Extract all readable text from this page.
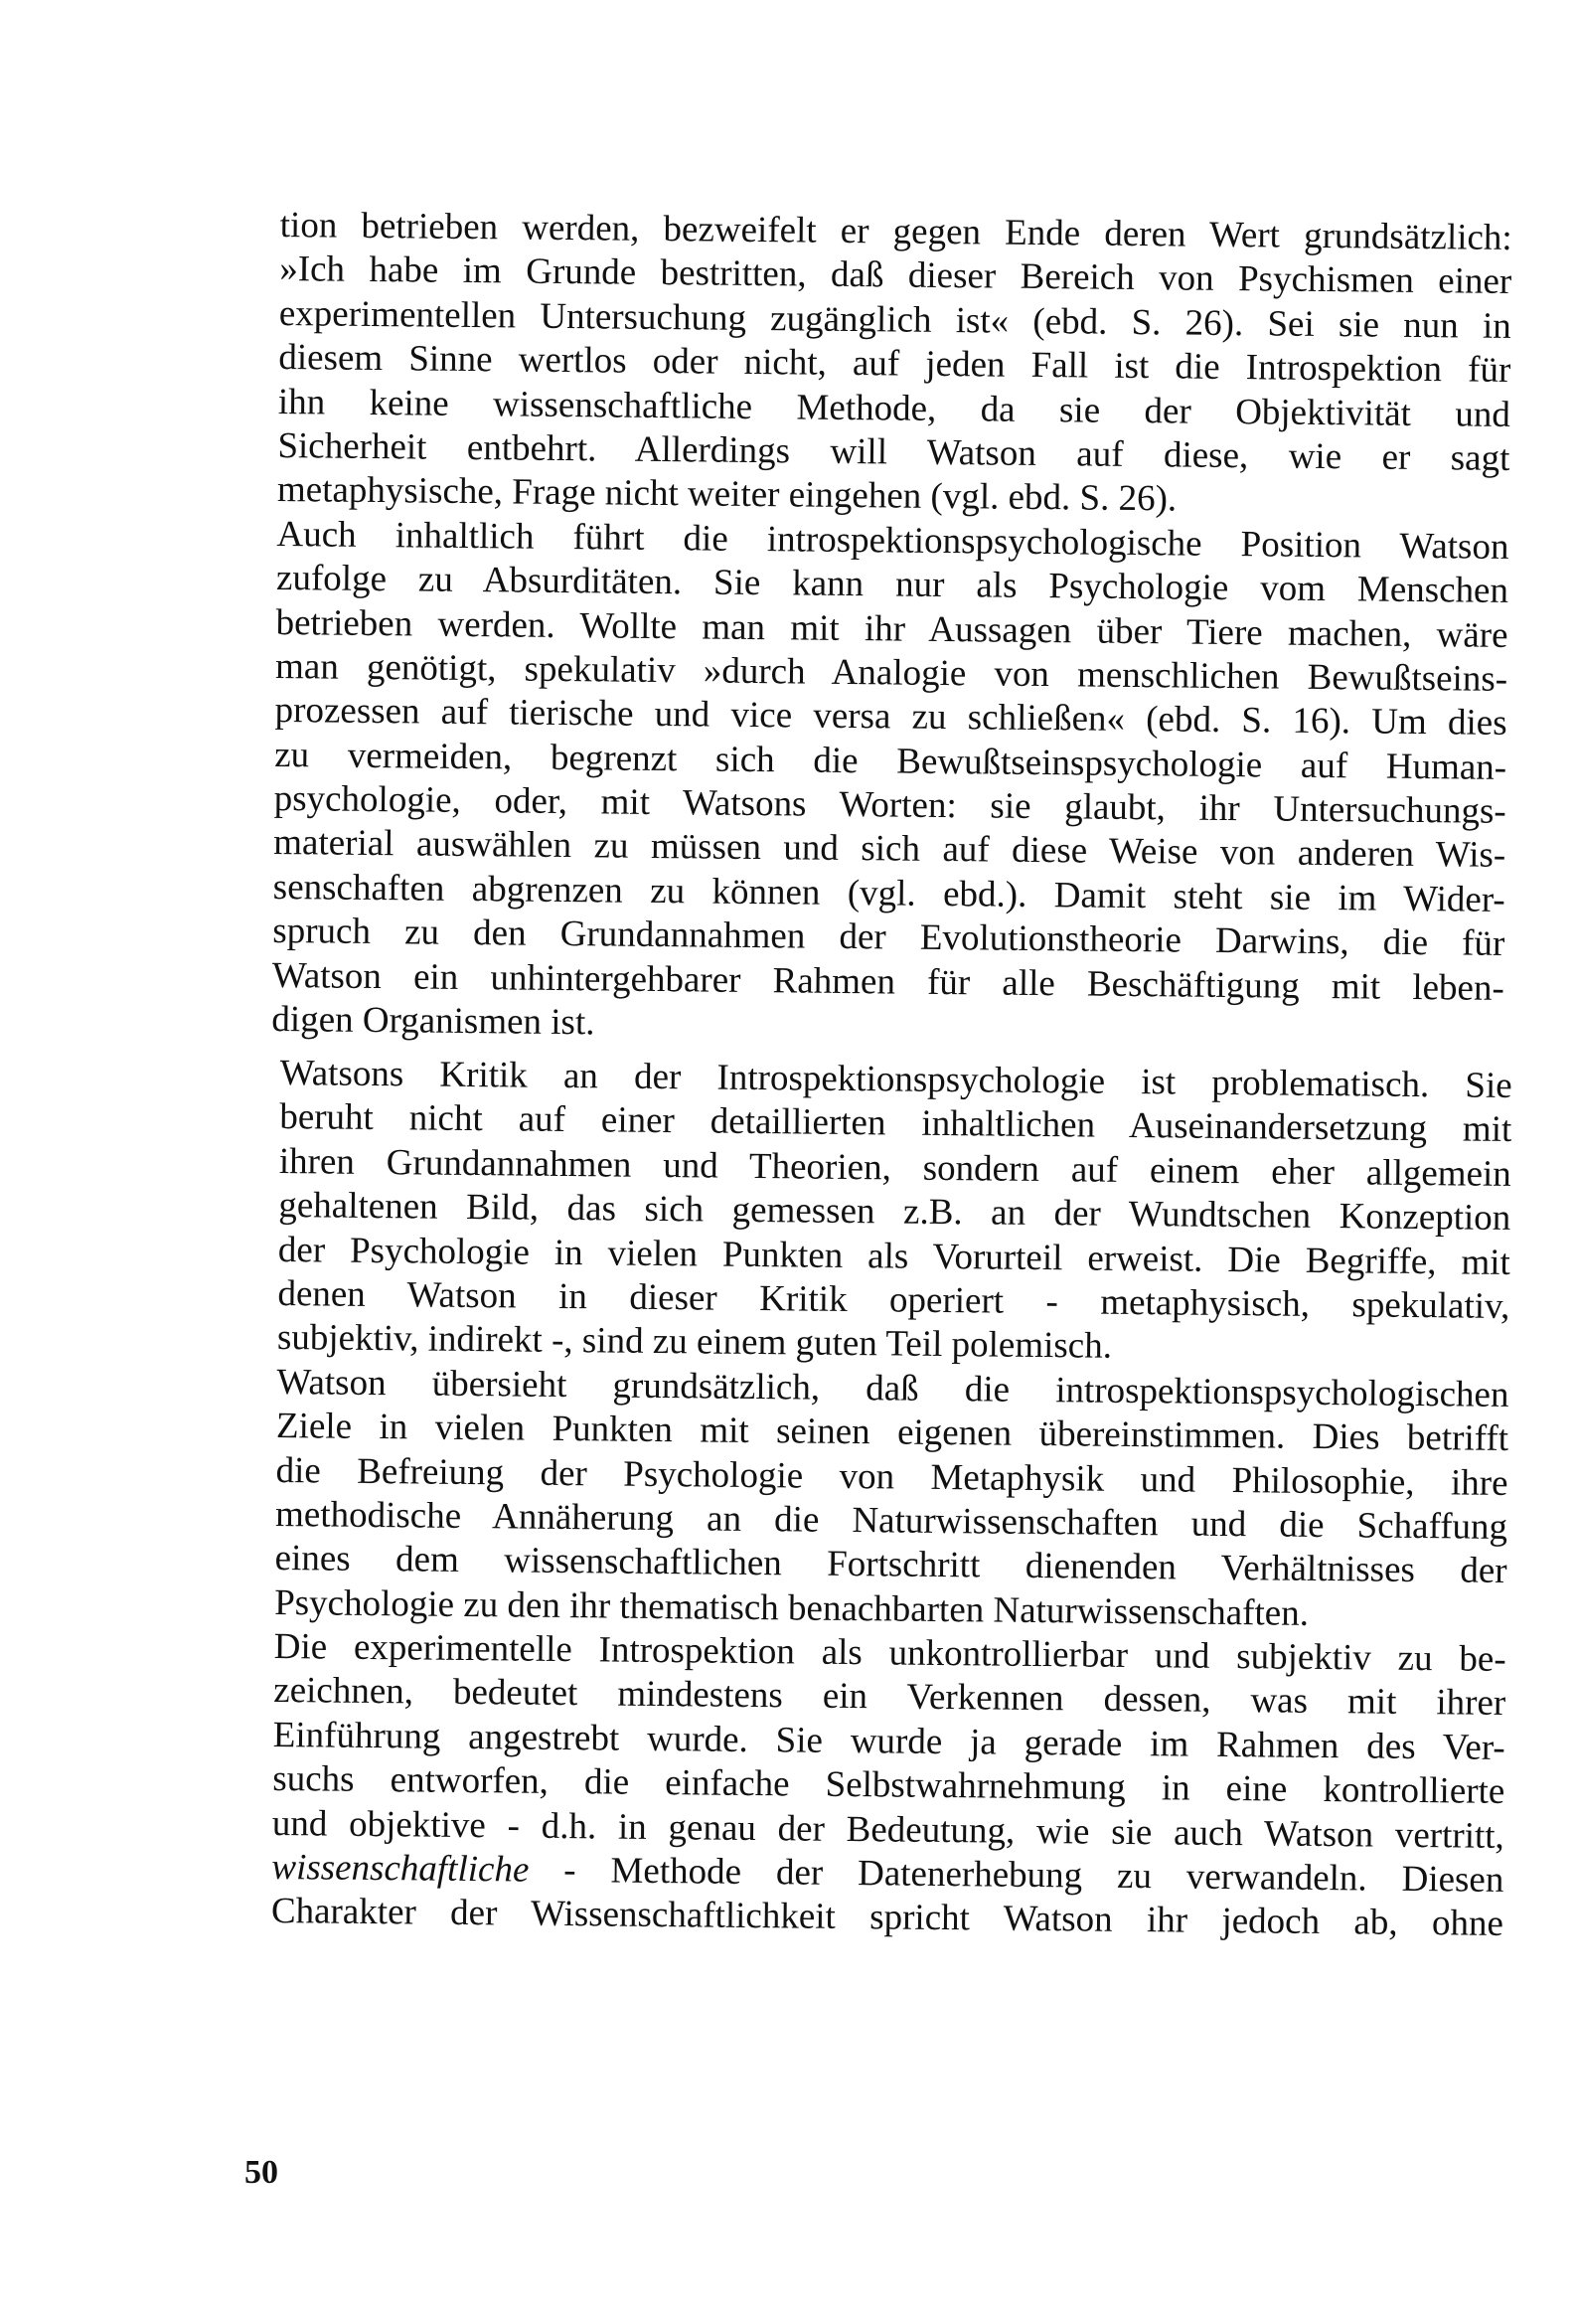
tion betrieben werden, bezweifelt er gegen Ende deren Wert grundsätzlich:
»Ich habe im Grunde bestritten, daß dieser Bereich von Psychismen einer
experimentellen Untersuchung zugänglich ist« (ebd. S. 26). Sei sie nun in
diesem Sinne wertlos oder nicht, auf jeden Fall ist die Introspektion für
ihn keine wissenschaftliche Methode, da sie der Objektivität und
Sicherheit entbehrt. Allerdings will Watson auf diese, wie er sagt
metaphysische, Frage nicht weiter eingehen (vgl. ebd. S. 26).
Auch inhaltlich führt die introspektionspsychologische Position Watson
zufolge zu Absurditäten. Sie kann nur als Psychologie vom Menschen
betrieben werden. Wollte man mit ihr Aussagen über Tiere machen, wäre
man genötigt, spekulativ »durch Analogie von menschlichen Bewußtseins-
prozessen auf tierische und vice versa zu schließen« (ebd. S. 16). Um dies
zu vermeiden, begrenzt sich die Bewußtseinspsychologie auf Human-
psychologie, oder, mit Watsons Worten: sie glaubt, ihr Untersuchungs-
material auswählen zu müssen und sich auf diese Weise von anderen Wis-
senschaften abgrenzen zu können (vgl. ebd.). Damit steht sie im Wider-
spruch zu den Grundannahmen der Evolutionstheorie Darwins, die für
Watson ein unhintergehbarer Rahmen für alle Beschäftigung mit leben-
digen Organismen ist.
Watsons Kritik an der Introspektionspsychologie ist problematisch. Sie
beruht nicht auf einer detaillierten inhaltlichen Auseinandersetzung mit
ihren Grundannahmen und Theorien, sondern auf einem eher allgemein
gehaltenen Bild, das sich gemessen z.B. an der Wundtschen Konzeption
der Psychologie in vielen Punkten als Vorurteil erweist. Die Begriffe, mit
denen Watson in dieser Kritik operiert - metaphysisch, spekulativ,
subjektiv, indirekt -, sind zu einem guten Teil polemisch.
Watson übersieht grundsätzlich, daß die introspektionspsychologischen
Ziele in vielen Punkten mit seinen eigenen übereinstimmen. Dies betrifft
die Befreiung der Psychologie von Metaphysik und Philosophie, ihre
methodische Annäherung an die Naturwissenschaften und die Schaffung
eines dem wissenschaftlichen Fortschritt dienenden Verhältnisses der
Psychologie zu den ihr thematisch benachbarten Naturwissenschaften.
Die experimentelle Introspektion als unkontrollierbar und subjektiv zu be-
zeichnen, bedeutet mindestens ein Verkennen dessen, was mit ihrer
Einführung angestrebt wurde. Sie wurde ja gerade im Rahmen des Ver-
suchs entworfen, die einfache Selbstwahrnehmung in eine kontrollierte
und objektive - d.h. in genau der Bedeutung, wie sie auch Watson vertritt,
wissenschaftliche - Methode der Datenerhebung zu verwandeln. Diesen
Charakter der Wissenschaftlichkeit spricht Watson ihr jedoch ab, ohne
50
